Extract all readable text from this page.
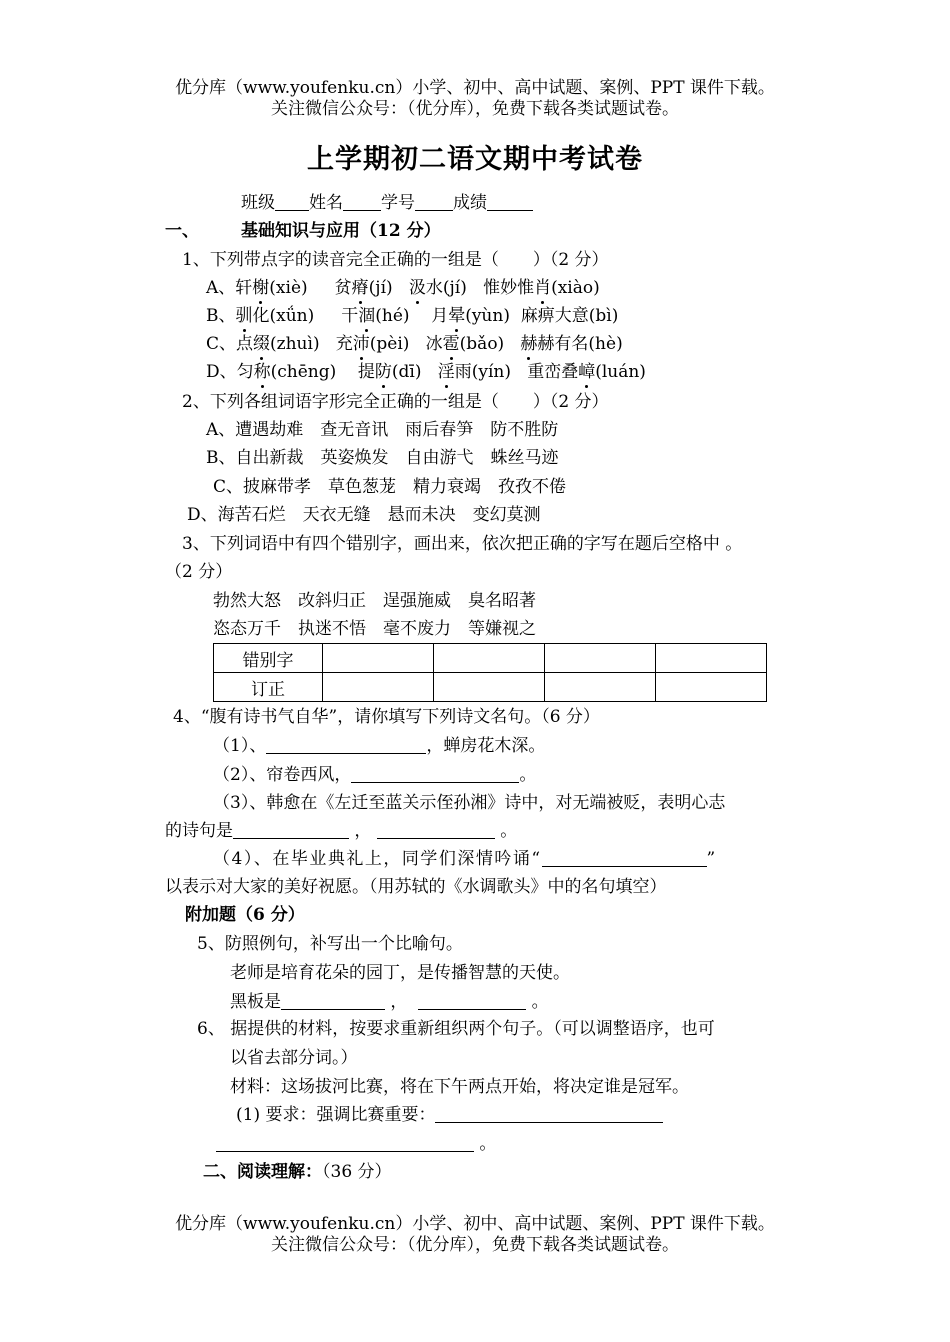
优分库（www.youfenku.cn）小学、初中、高中试题、案例、PPT 课件下载。
关注微信公众号：（优分库），免费下载各类试题试卷。
上学期初二语文期中考试卷
班级 姓名 学号 成绩
一、 基础知识与应用（12 分）
1、下列带点字的读音完全正确的一组是（　　）（2 分）
A、轩榭(xiè) 贫瘠(jí) 汲水(jí) 惟妙惟肖(xiào)
B、驯化(xǘn) 干涸(hé) 月晕(yùn) 麻痹大意(bì)
C、点缀(zhuì) 充沛(pèi) 冰雹(bǎo) 赫赫有名(hè)
D、匀称(chēng) 提防(dī) 淫雨(yín) 重峦叠嶂(luán)
2、下列各组词语字形完全正确的一组是（　　）（2 分）
A、遭遇劫难　查无音讯　雨后春笋　防不胜防
B、自出新裁　英姿焕发　自由游弋　蛛丝马迹
C、披麻带孝　草色葱茏　精力衰竭　孜孜不倦
D、海苦石烂　天衣无缝　悬而未决　变幻莫测
3、下列词语中有四个错别字，画出来，依次把正确的字写在题后空格中 。
（2 分）
勃然大怒　改斜归正　逞强施威　臭名昭著
恣态万千　执迷不悟　毫不废力　等嫌视之
错别字				
订正				
4、“腹有诗书气自华”，请你填写下列诗文名句。（6 分）
（1）、	，蝉房花木深。
（2）、帘卷西风，	。
（3）、韩愈在《左迁至蓝关示侄孙湘》诗中，对无端被贬，表明心志
的诗句是	，	。
（4）、在毕业典礼上，同学们深情吟诵“	”
以表示对大家的美好祝愿。（用苏轼的《水调歌头》中的名句填空）
附加题（6 分）
5、防照例句，补写出一个比喻句。
老师是培育花朵的园丁，是传播智慧的天使。
黑板是	，	。
6、 据提供的材料，按要求重新组织两个句子。（可以调整语序，也可
以省去部分词。）
材料：这场拔河比赛，将在下午两点开始，将决定谁是冠军。
(1) 要求：强调比赛重要：
。
二、阅读理解：（36 分）
优分库（www.youfenku.cn）小学、初中、高中试题、案例、PPT 课件下载。
关注微信公众号：（优分库），免费下载各类试题试卷。
